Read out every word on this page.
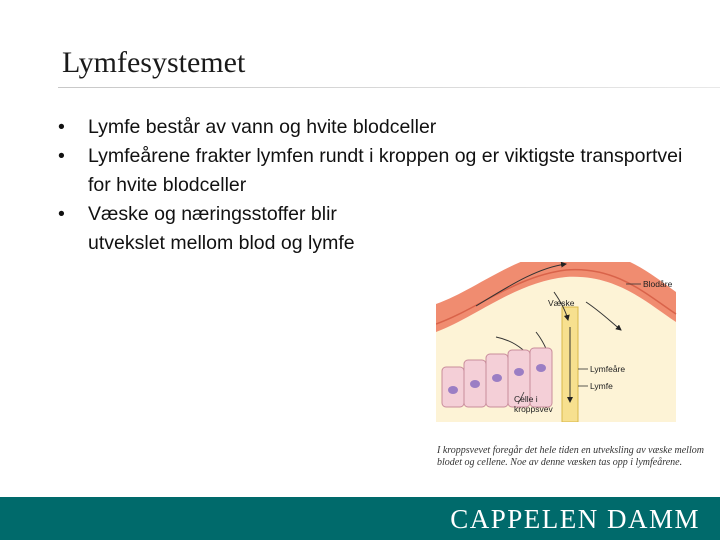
Lymfesystemet
• Lymfe består av vann og hvite blodceller
• Lymfeårene frakter lymfen rundt i kroppen og er viktigste transportvei for hvite blodceller
• Væske og næringsstoffer blir utvekslet mellom blod og lymfe
Blodåre
Væske
Lymfeåre
Lymfe
Celle i
kroppsvev
I kroppsvevet foregår det hele tiden en utveksling av væske mellom blodet og cellene. Noe av denne væsken tas opp i lymfeårene.
CAPPELEN DAMM
